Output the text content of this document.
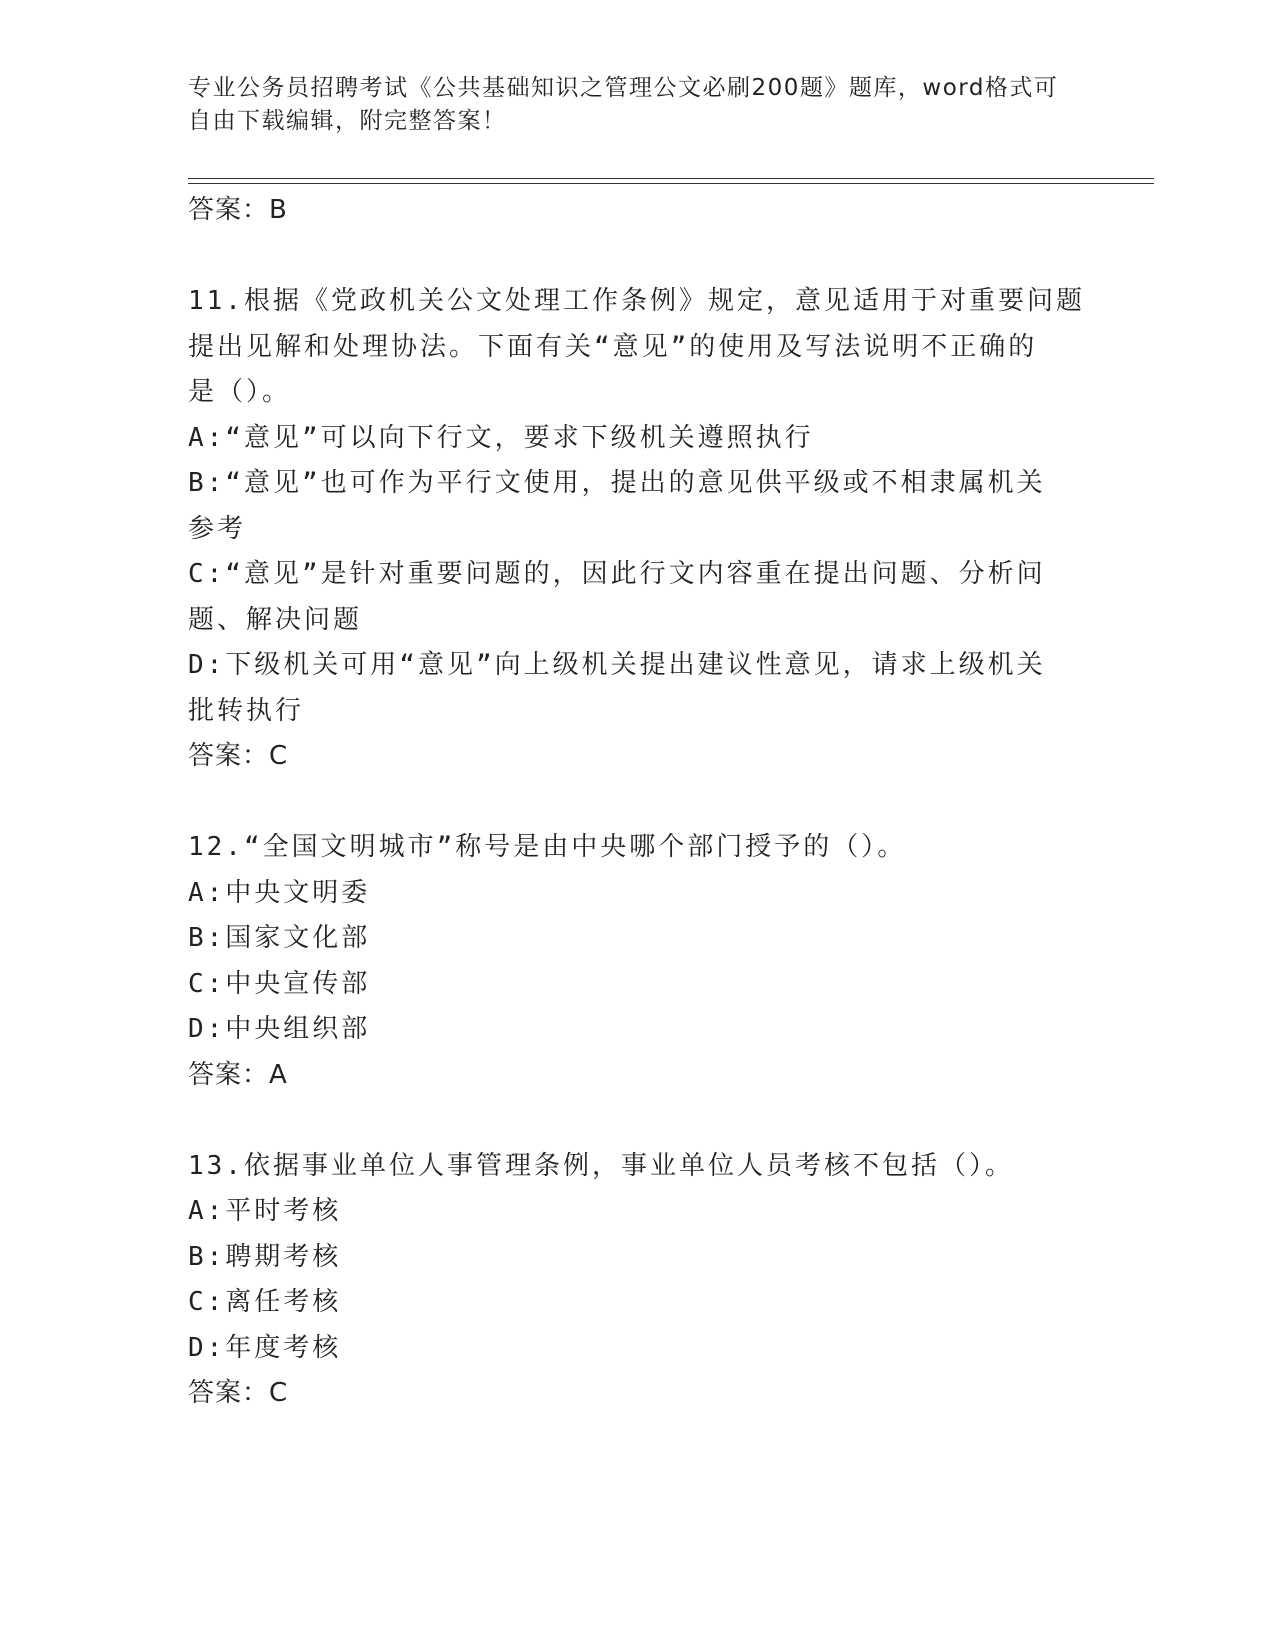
专业公务员招聘考试《公共基础知识之管理公文必刷200题》题库，word格式可
自由下载编辑，附完整答案！
答案：B
11.根据《党政机关公文处理工作条例》规定，意见适用于对重要问题
提出见解和处理协法。下面有关“意见”的使用及写法说明不正确的
是（）。
A:“意见”可以向下行文，要求下级机关遵照执行
B:“意见”也可作为平行文使用，提出的意见供平级或不相隶属机关
参考
C:“意见”是针对重要问题的，因此行文内容重在提出问题、分析问
题、解决问题
D:下级机关可用“意见”向上级机关提出建议性意见，请求上级机关
批转执行
答案：C
12.“全国文明城市”称号是由中央哪个部门授予的（）。
A:中央文明委
B:国家文化部
C:中央宣传部
D:中央组织部
答案：A
13.依据事业单位人事管理条例，事业单位人员考核不包括（）。
A:平时考核
B:聘期考核
C:离任考核
D:年度考核
答案：C
